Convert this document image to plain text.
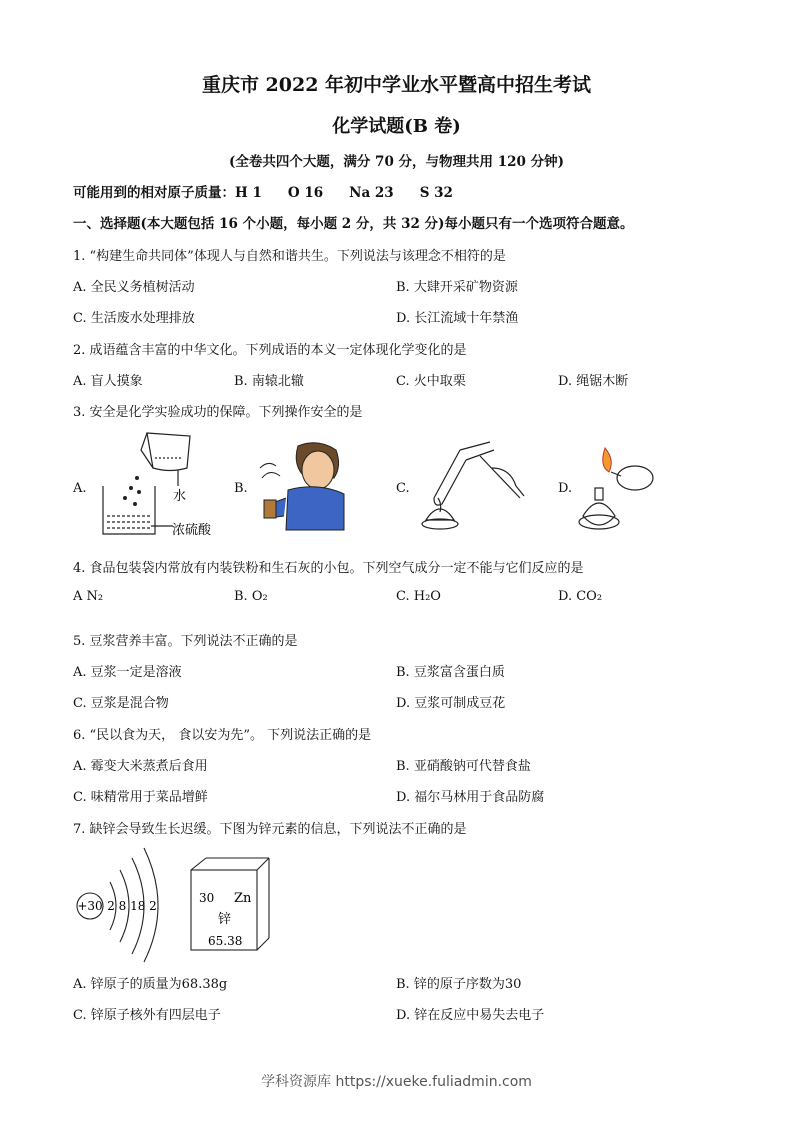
重庆市 2022 年初中学业水平暨高中招生考试
化学试题(B 卷)
(全卷共四个大题，满分 70 分，与物理共用 120 分钟)
可能用到的相对原子质量：H 1 O 16 Na 23 S 32
一、选择题(本大题包括 16 个小题，每小题 2 分，共 32 分)每小题只有一个选项符合题意。
1. “构建生命共同体”体现人与自然和谐共生。下列说法与该理念不相符的是
A. 全民义务植树活动	B. 大肆开采矿物资源
C. 生活废水处理排放	D. 长江流域十年禁渔
2. 成语蕴含丰富的中华文化。下列成语的本义一定体现化学变化的是
A. 盲人摸象	B. 南辕北辙	C. 火中取栗	D. 绳锯木断
3. 安全是化学实验成功的保障。下列操作安全的是
A.	B.	C.	D.
水
浓硫酸
4. 食品包装袋内常放有内装铁粉和生石灰的小包。下列空气成分一定不能与它们反应的是
A N₂	B. O₂	C. H₂O	D. CO₂
5. 豆浆营养丰富。下列说法不正确的是
A. 豆浆一定是溶液	B. 豆浆富含蛋白质
C. 豆浆是混合物	D. 豆浆可制成豆花
6. “民以食为天， 食以安为先”。 下列说法正确的是
A. 霉变大米蒸煮后食用	B. 亚硝酸钠可代替食盐
C. 味精常用于菜品增鲜	D. 福尔马林用于食品防腐
7. 缺锌会导致生长迟缓。下图为锌元素的信息，下列说法不正确的是
+30 2 8 18 2
30 Zn
锌
65.38
A. 锌原子的质量为68.38g	B. 锌的原子序数为30
C. 锌原子核外有四层电子	D. 锌在反应中易失去电子
学科资源库 https://xueke.fuliadmin.com
